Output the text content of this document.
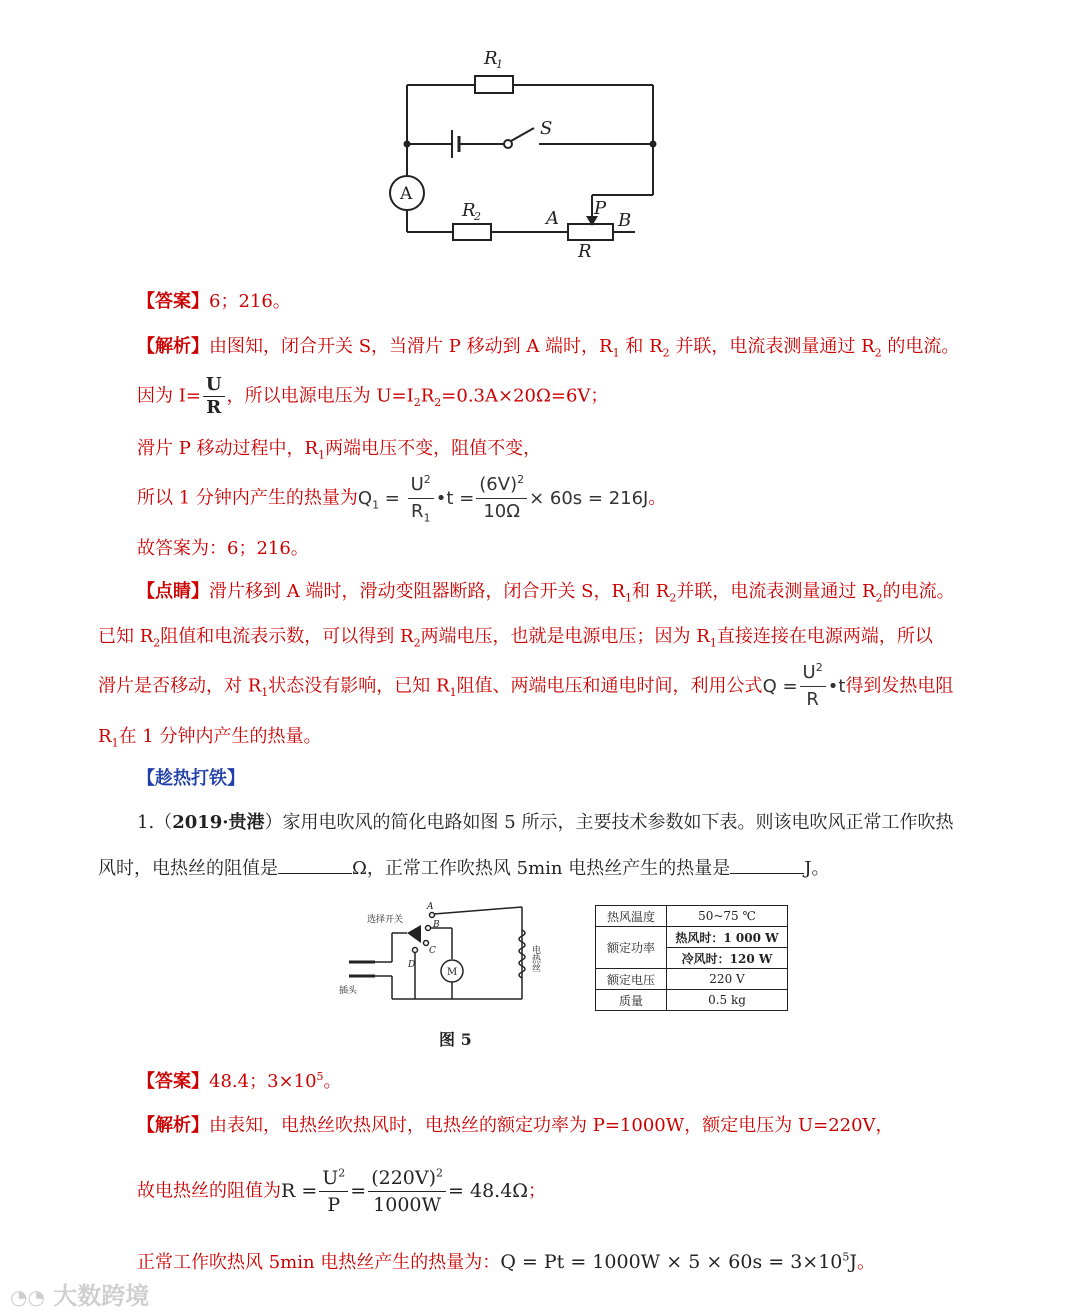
R
1
S
R
2	A P
B
R
A
【答案】6；216。
【解析】由图知，闭合开关 S，当滑片 P 移动到 A 端时，$R_1$ 和 $R_2$ 并联，电流表测量通过 $R_2$ 的电流。
因为 $I= \frac{U}{R}$ ，所以电源电压为 $U=I_2R_2=0.3A\times 20\Omega=6V$；
滑片 P 移动过程中，$R_1$两端电压不变，阻值不变，
所以 1 分钟内产生的热量为$Q_1 = \frac{U^2}{R_1}$ •t = $\frac{(6V)^2}{10\Omega} \times 60s = 216J$。
故答案为：6；216。
【点睛】滑片移到 A 端时，滑动变阻器断路，闭合开关 S，$R_1$和 $R_2$并联，电流表测量通过 $R_2$的电流。
已知 $R_2$阻值和电流表示数，可以得到 $R_2$两端电压，也就是电源电压；因为 $R_1$直接连接在电源两端，所以
滑片是否移动，对 $R_1$状态没有影响，已知 $R_1$阻值、两端电压和通电时间，利用公式$Q = \frac{U^2}{R}$ •t得到发热电阻
$R_1$在 1 分钟内产生的热量。
【趁热打铁】
1.（2019·贵港）家用电吹风的简化电路如图 5 所示，主要技术参数如下表。则该电吹风正常工作吹热
风时，电热丝的阻值是	Ω，正常工作吹热风 5min 电热丝产生的热量是	J。
选择开关
插头
M
A
B
C
D	电热丝
热风温度	50~75 ℃
额定功率	热风时：1 000 W
	冷风时：120 W
额定电压	220 V
质量	0.5 kg
图 5
【答案】48.4；$3\times 10^5$。
【解析】由表知，电热丝吹热风时，电热丝的额定功率为 P=1000W，额定电压为 U=220V，
故电热丝的阻值为$R = \frac{U^2}{P} = \frac{(220V)^2}{1000W} = 48.4\Omega$；
正常工作吹热风 5min 电热丝产生的热量为：$Q = Pt = 1000W \times 5 \times 60s = 3\times 10^5J$。
◔◔ 大数跨境
